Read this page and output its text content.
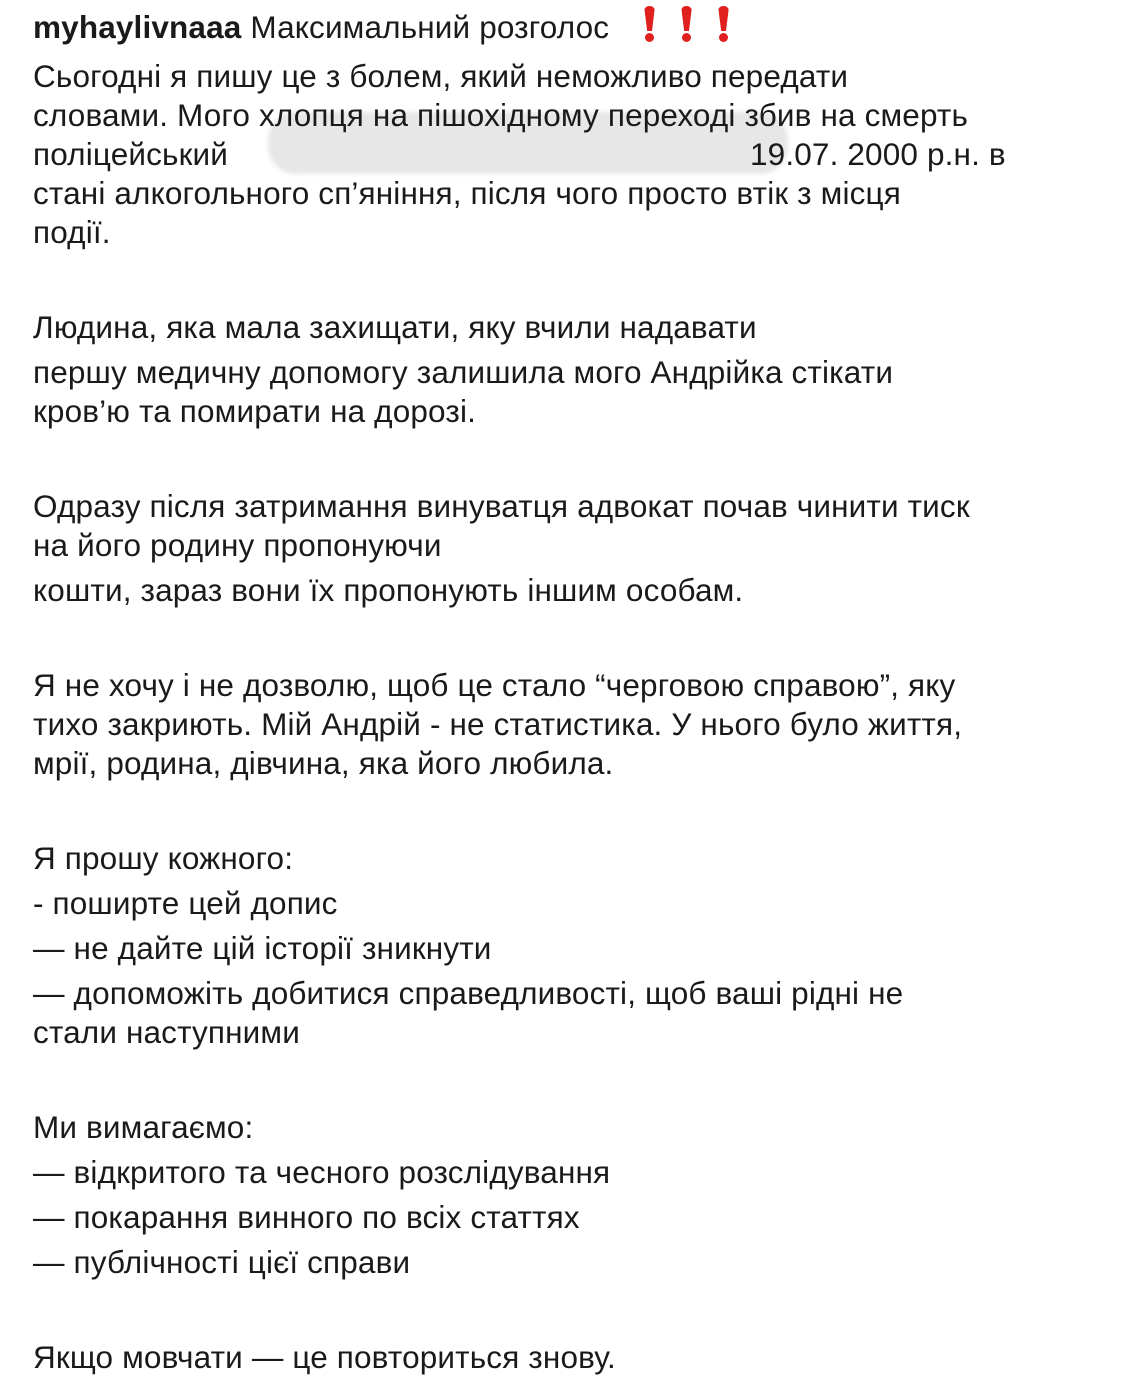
myhaylivnaaa Максимальний розголос
Сьогодні я пишу це з болем, який неможливо передати
словами. Мого хлопця на пішохідному переході збив на смерть
поліцейський	19.07. 2000 р.н. в
стані алкогольного сп’яніння, після чого просто втік з місця
події.
Людина, яка мала захищати, яку вчили надавати
першу медичну допомогу залишила мого Андрійка стікати
кров’ю та помирати на дорозі.
Одразу після затримання винуватця адвокат почав чинити тиск
на його родину пропонуючи
кошти, зараз вони їх пропонують іншим особам.
Я не хочу і не дозволю, щоб це стало “черговою справою”, яку
тихо закриють. Мій Андрій - не статистика. У нього було життя,
мрії, родина, дівчина, яка його любила.
Я прошу кожного:
- поширте цей допис
— не дайте цій історії зникнути
— допоможіть добитися справедливості, щоб ваші рідні не
стали наступними
Ми вимагаємо:
— відкритого та чесного розслідування
— покарання винного по всіх статтях
— публічності цієї справи
Якщо мовчати — це повториться знову.
